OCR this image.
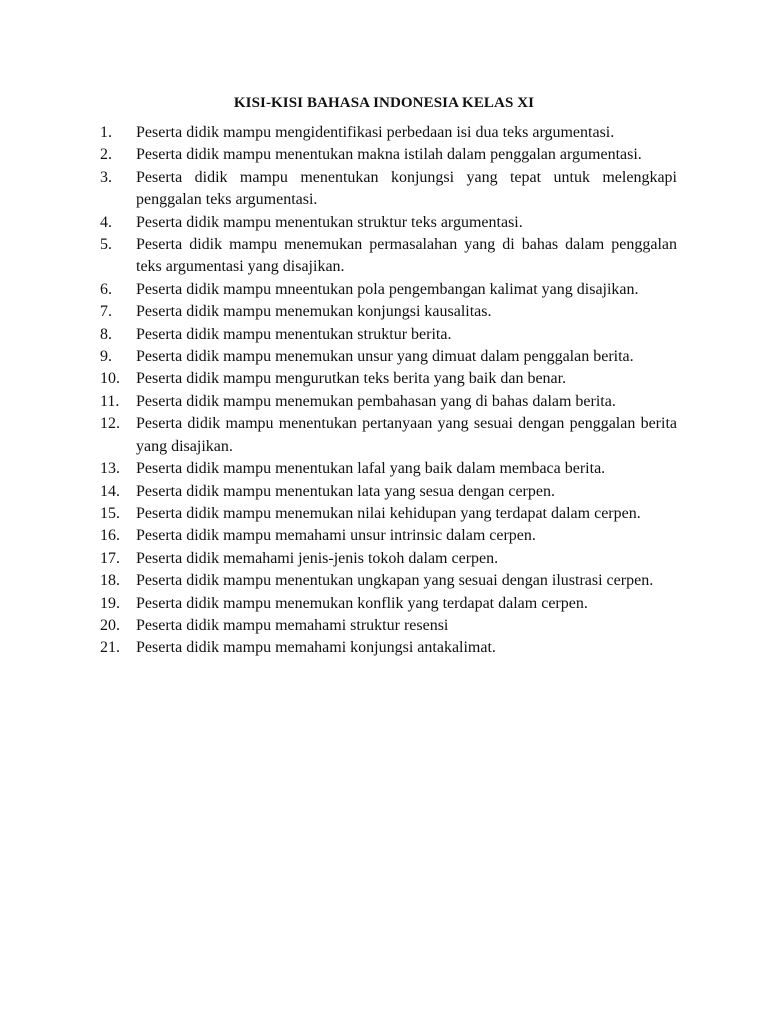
KISI-KISI BAHASA INDONESIA KELAS XI
1.	Peserta didik mampu mengidentifikasi perbedaan isi dua teks argumentasi.
2.	Peserta didik mampu menentukan makna istilah dalam penggalan argumentasi.
3.	Peserta didik mampu menentukan konjungsi yang tepat untuk melengkapi penggalan teks argumentasi.
4.	Peserta didik mampu menentukan struktur teks argumentasi.
5.	Peserta didik mampu menemukan permasalahan yang di bahas dalam penggalan teks argumentasi yang disajikan.
6.	Peserta didik mampu mneentukan pola pengembangan kalimat yang disajikan.
7.	Peserta didik mampu menemukan konjungsi kausalitas.
8.	Peserta didik mampu menentukan struktur berita.
9.	Peserta didik mampu menemukan unsur yang dimuat dalam penggalan berita.
10.	Peserta didik mampu mengurutkan teks berita yang baik dan benar.
11.	Peserta didik mampu menemukan pembahasan yang di bahas dalam berita.
12.	Peserta didik mampu menentukan pertanyaan yang sesuai dengan penggalan berita yang disajikan.
13.	Peserta didik mampu menentukan lafal yang baik dalam membaca berita.
14.	Peserta didik mampu menentukan lata yang sesua dengan cerpen.
15.	Peserta didik mampu menemukan nilai kehidupan yang terdapat dalam cerpen.
16.	Peserta didik mampu memahami unsur intrinsic dalam cerpen.
17.	Peserta didik memahami jenis-jenis tokoh dalam cerpen.
18.	Peserta didik mampu menentukan ungkapan yang sesuai dengan ilustrasi cerpen.
19.	Peserta didik mampu menemukan konflik yang terdapat dalam cerpen.
20.	Peserta didik mampu memahami struktur resensi
21.	Peserta didik mampu memahami konjungsi antakalimat.
